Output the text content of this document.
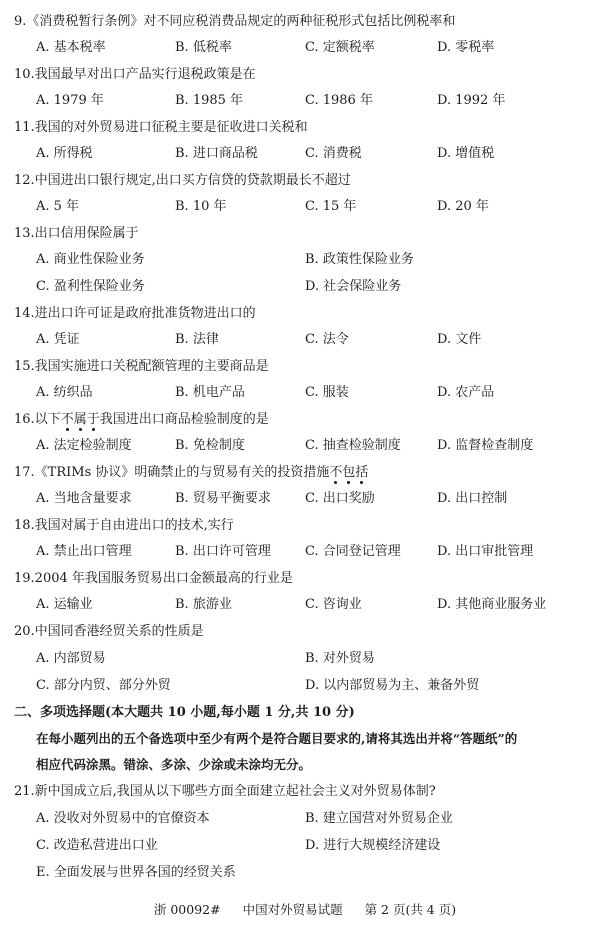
9.《消费税暂行条例》对不同应税消费品规定的两种征税形式包括比例税率和
A. 基本税率	B. 低税率	C. 定额税率	D. 零税率
10.我国最早对出口产品实行退税政策是在
A. 1979 年	B. 1985 年	C. 1986 年	D. 1992 年
11.我国的对外贸易进口征税主要是征收进口关税和
A. 所得税	B. 进口商品税	C. 消费税	D. 增值税
12.中国进出口银行规定,出口买方信贷的贷款期最长不超过
A. 5 年	B. 10 年	C. 15 年	D. 20 年
13.出口信用保险属于
A. 商业性保险业务	B. 政策性保险业务
C. 盈利性保险业务	D. 社会保险业务
14.进出口许可证是政府批准货物进出口的
A. 凭证	B. 法律	C. 法令	D. 文件
15.我国实施进口关税配额管理的主要商品是
A. 纺织品	B. 机电产品	C. 服装	D. 农产品
16.以下不属于我国进出口商品检验制度的是
A. 法定检验制度	B. 免检制度	C. 抽查检验制度	D. 监督检查制度
17.《TRIMs 协议》明确禁止的与贸易有关的投资措施不包括
A. 当地含量要求	B. 贸易平衡要求	C. 出口奖励	D. 出口控制
18.我国对属于自由进出口的技术,实行
A. 禁止出口管理	B. 出口许可管理	C. 合同登记管理	D. 出口审批管理
19.2004 年我国服务贸易出口金额最高的行业是
A. 运输业	B. 旅游业	C. 咨询业	D. 其他商业服务业
20.中国同香港经贸关系的性质是
A. 内部贸易	B. 对外贸易
C. 部分内贸、部分外贸	D. 以内部贸易为主、兼备外贸
二、多项选择题(本大题共 10 小题,每小题 1 分,共 10 分)
在每小题列出的五个备选项中至少有两个是符合题目要求的,请将其选出并将“答题纸”的
相应代码涂黑。错涂、多涂、少涂或未涂均无分。
21.新中国成立后,我国从以下哪些方面全面建立起社会主义对外贸易体制?
A. 没收对外贸易中的官僚资本	B. 建立国营对外贸易企业
C. 改造私营进出口业	D. 进行大规模经济建设
E. 全面发展与世界各国的经贸关系
浙 00092# 中国对外贸易试题 第 2 页(共 4 页)
